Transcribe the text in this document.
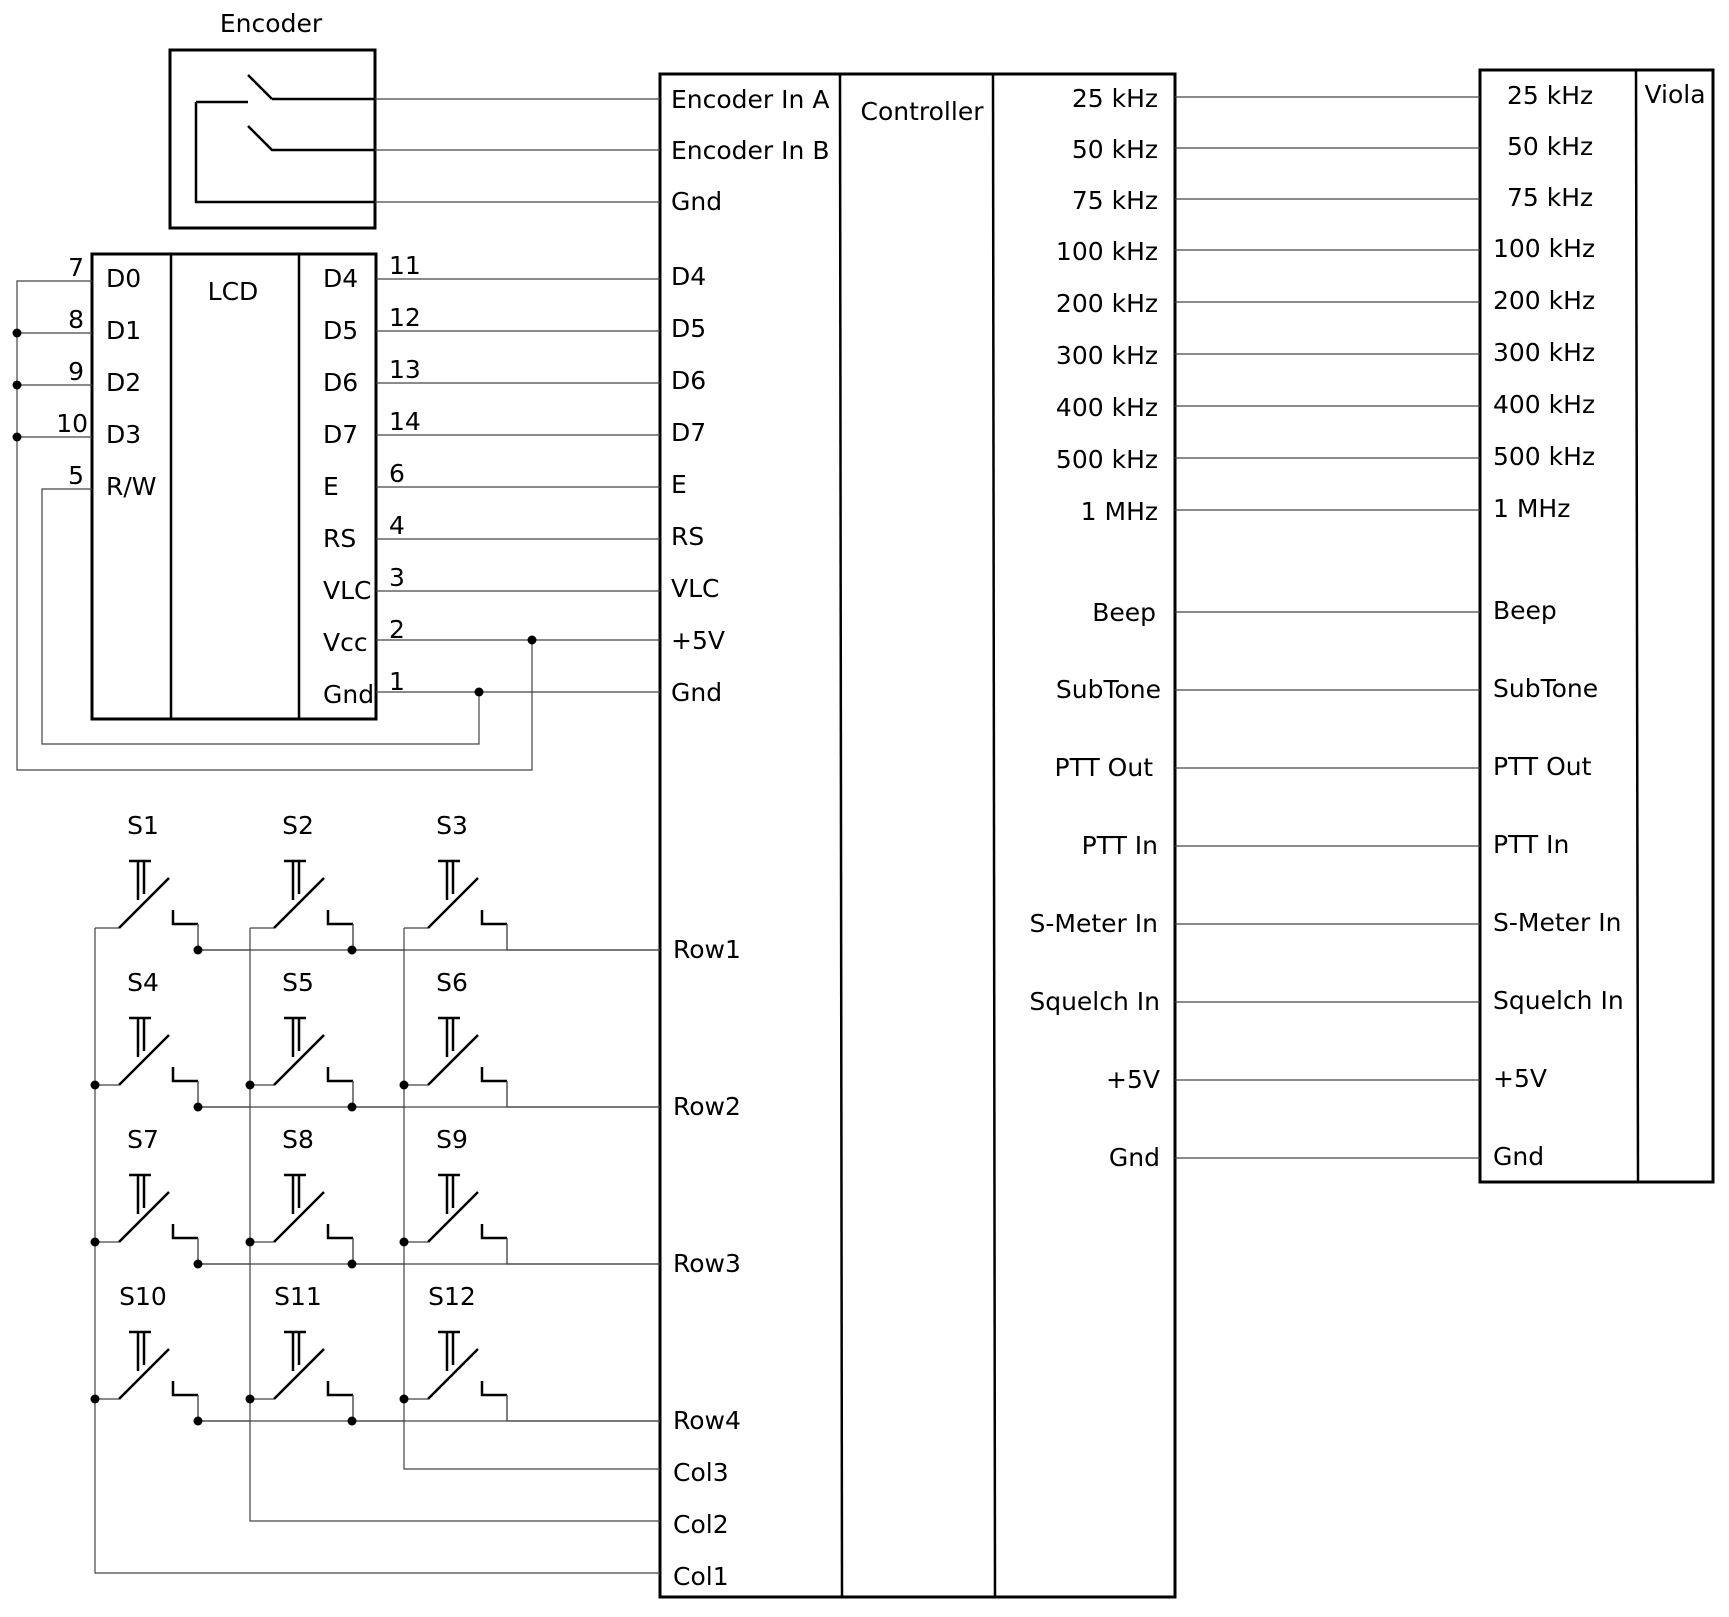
Encoder
LCD
D0
D1
D2
D3
R/W
7
8
9
10
5
D4
D5
D6
D7
E
RS
VLC
Vcc
Gnd
11
12
13
14
6
4
3
2
1
Controller
Encoder In A
Encoder In B
Gnd
D4
D5
D6
D7
E
RS
VLC
+5V
Gnd
Row1
Row2
Row3
Row4
Col3
Col2
Col1
25 kHz
50 kHz
75 kHz
100 kHz
200 kHz
300 kHz
400 kHz
500 kHz
1 MHz
Beep
SubTone
PTT Out
PTT In
S-Meter In
Squelch In
+5V
Gnd
Viola
25 kHz
50 kHz
75 kHz
100 kHz
200 kHz
300 kHz
400 kHz
500 kHz
1 MHz
Beep
SubTone
PTT Out
PTT In
S-Meter In
Squelch In
+5V
Gnd
S1	S2	S3
S4	S5	S6
S7	S8	S9
S10	S11	S12
